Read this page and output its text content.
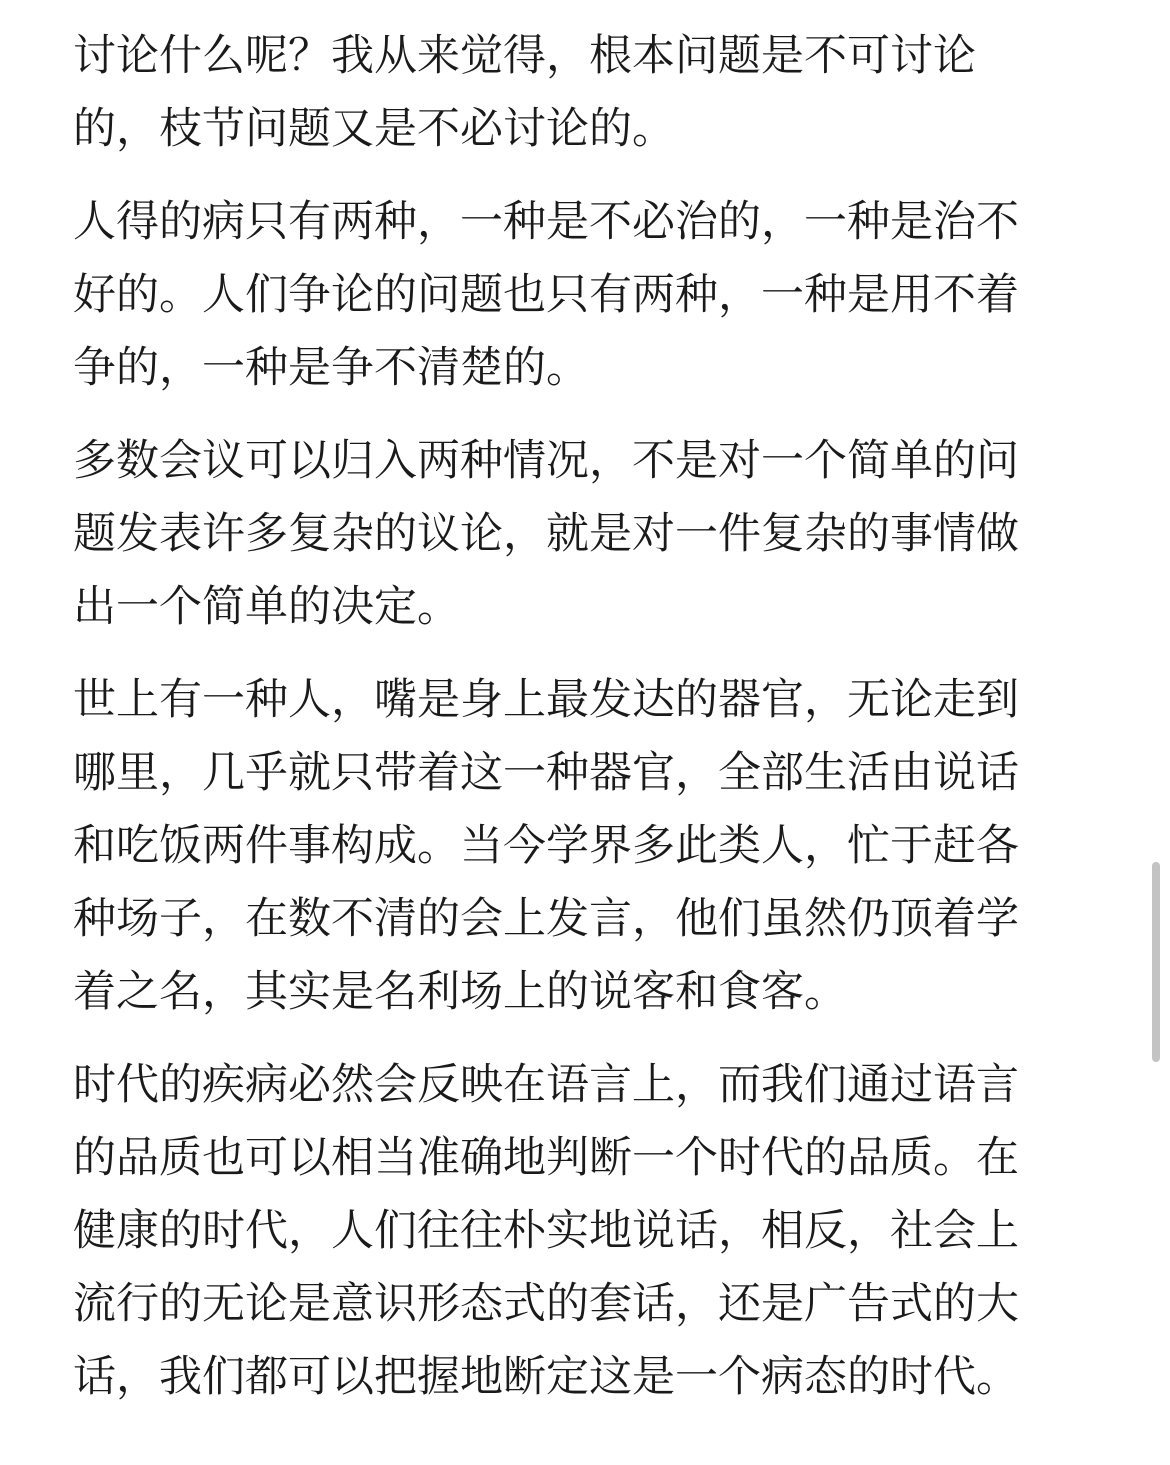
讨论什么呢？我从来觉得，根本问题是不可讨论
的，枝节问题又是不必讨论的。
人得的病只有两种，一种是不必治的，一种是治不
好的。人们争论的问题也只有两种，一种是用不着
争的，一种是争不清楚的。
多数会议可以归入两种情况，不是对一个简单的问
题发表许多复杂的议论，就是对一件复杂的事情做
出一个简单的决定。
世上有一种人，嘴是身上最发达的器官，无论走到
哪里，几乎就只带着这一种器官，全部生活由说话
和吃饭两件事构成。当今学界多此类人，忙于赶各
种场子，在数不清的会上发言，他们虽然仍顶着学
着之名，其实是名利场上的说客和食客。
时代的疾病必然会反映在语言上，而我们通过语言
的品质也可以相当准确地判断一个时代的品质。在
健康的时代，人们往往朴实地说话，相反，社会上
流行的无论是意识形态式的套话，还是广告式的大
话，我们都可以把握地断定这是一个病态的时代。
